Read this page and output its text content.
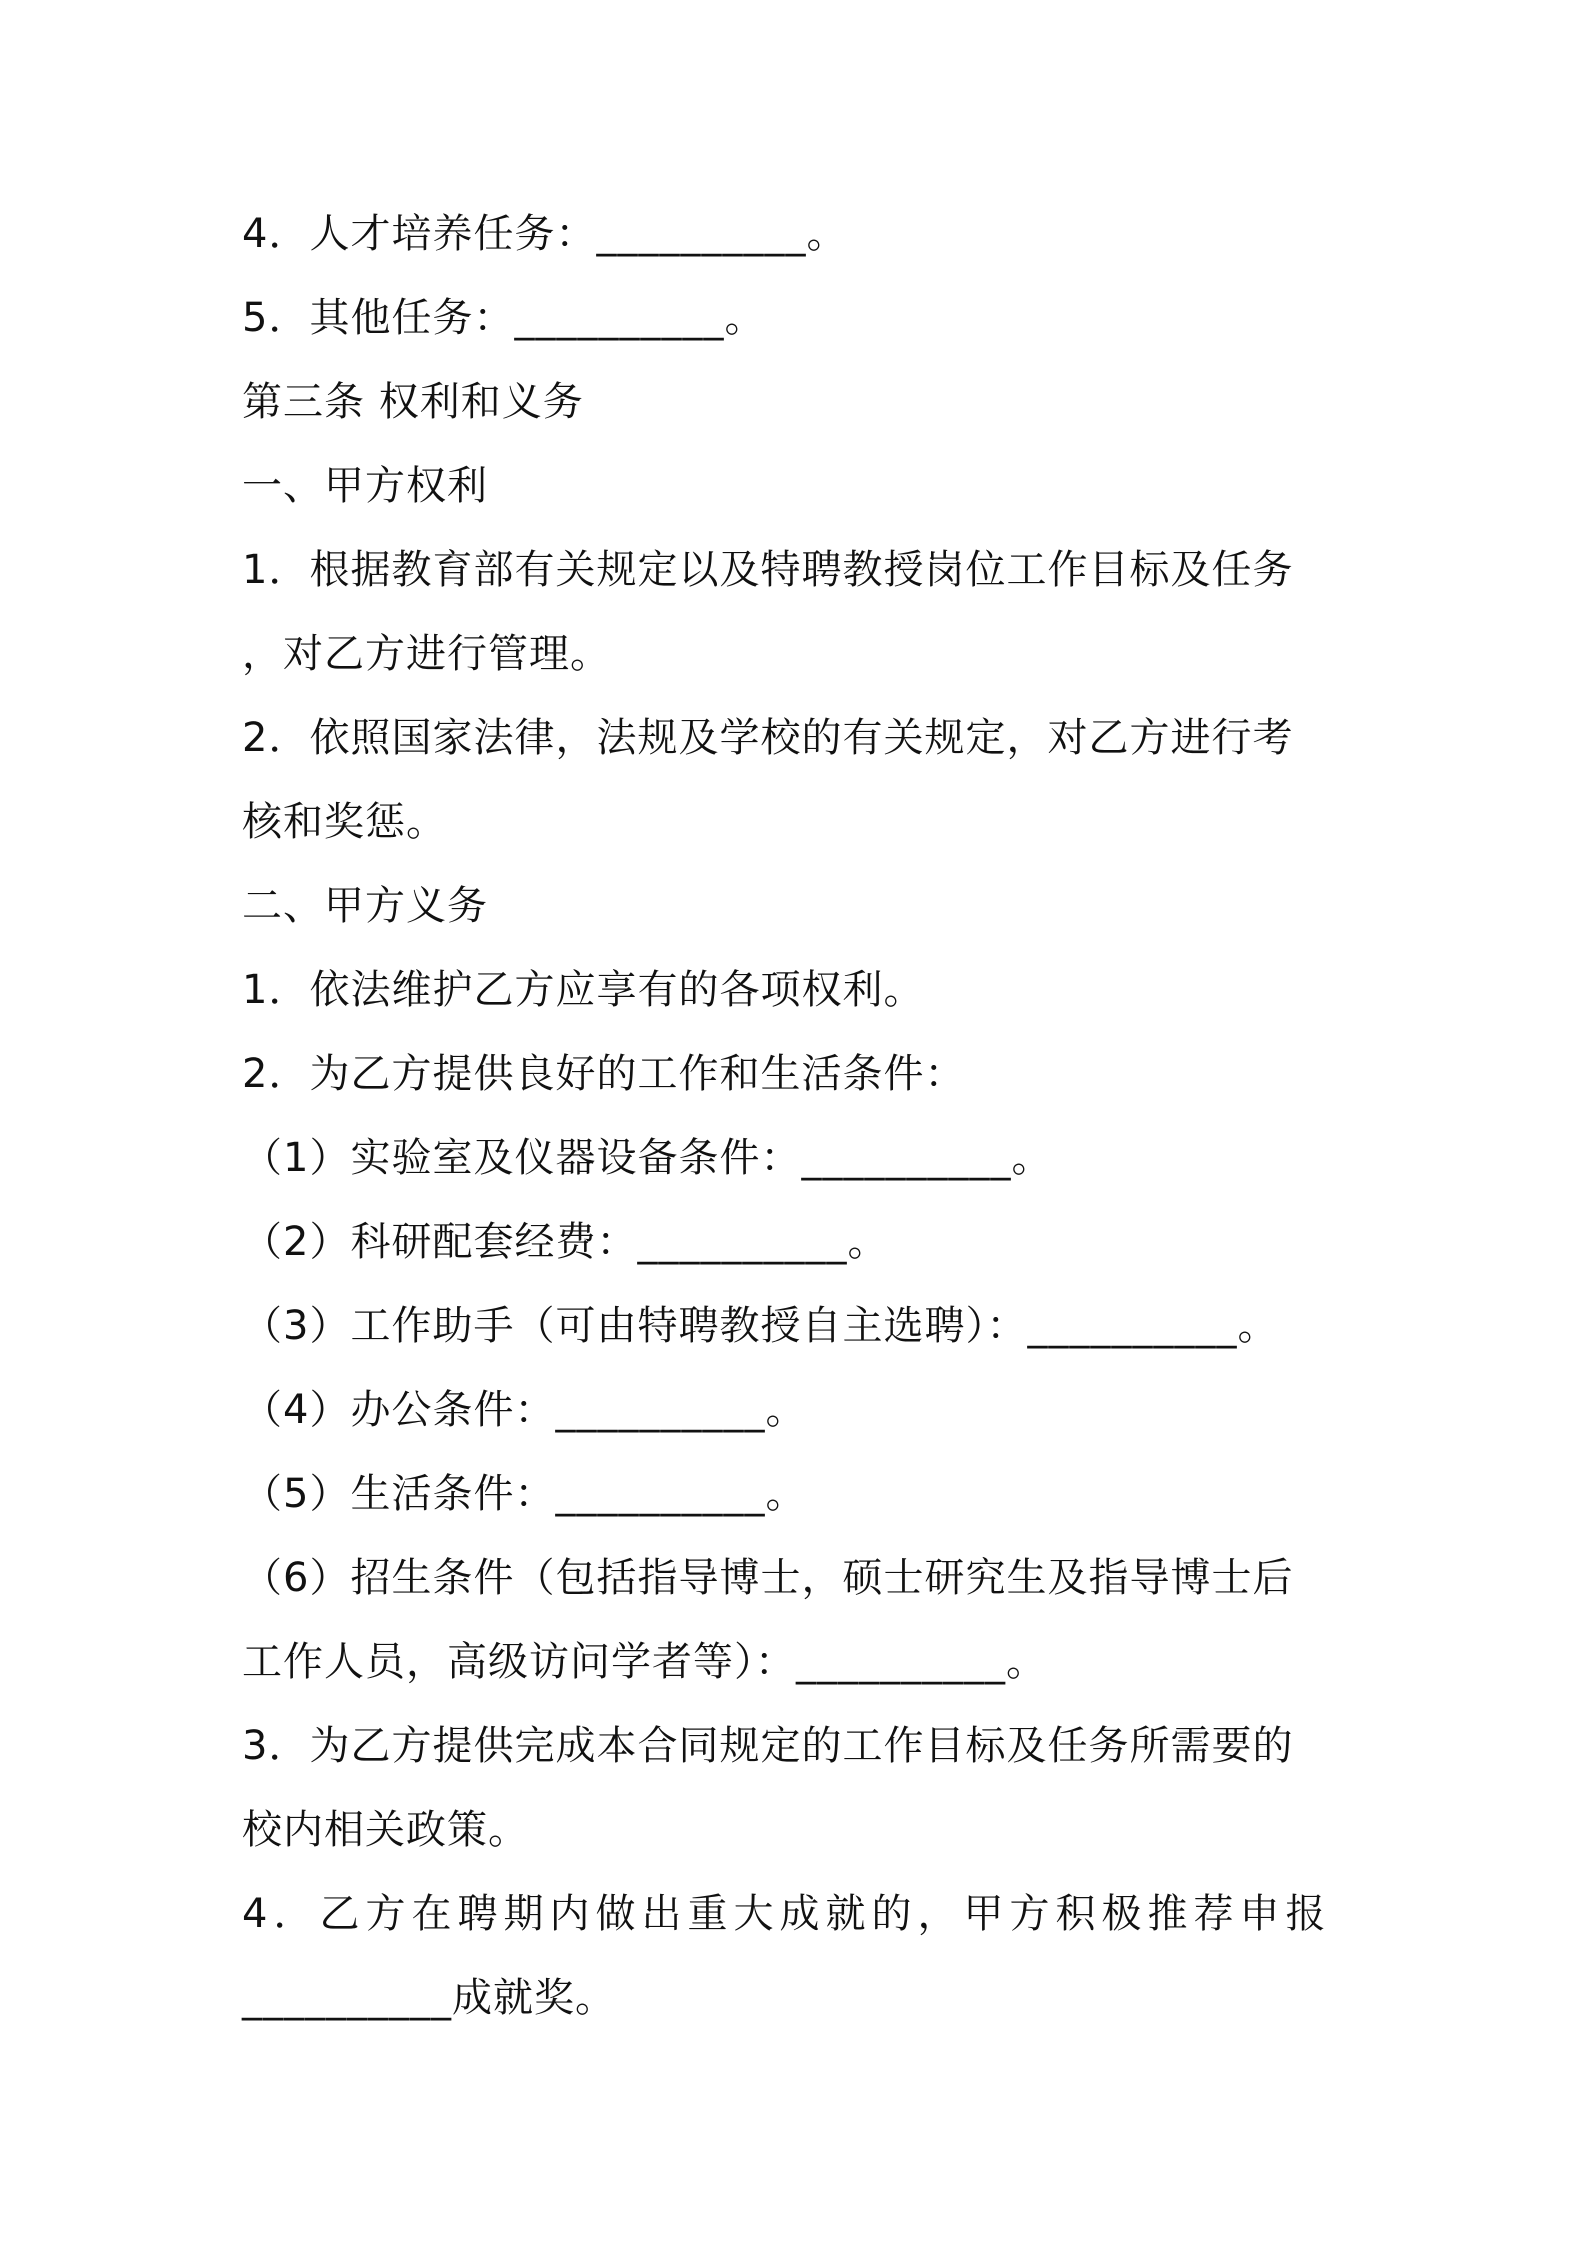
4．人才培养任务：__________。
5．其他任务：__________。
第三条 权利和义务
一、甲方权利
1．根据教育部有关规定以及特聘教授岗位工作目标及任务
，对乙方进行管理。
2．依照国家法律，法规及学校的有关规定，对乙方进行考
核和奖惩。
二、甲方义务
1．依法维护乙方应享有的各项权利。
2．为乙方提供良好的工作和生活条件：
（1）实验室及仪器设备条件：__________。
（2）科研配套经费：__________。
（3）工作助手（可由特聘教授自主选聘）：__________。
（4）办公条件：__________。
（5）生活条件：__________。
（6）招生条件（包括指导博士，硕士研究生及指导博士后
工作人员，高级访问学者等）：__________。
3．为乙方提供完成本合同规定的工作目标及任务所需要的
校内相关政策。
4．乙方在聘期内做出重大成就的，甲方积极推荐申报
__________成就奖。
